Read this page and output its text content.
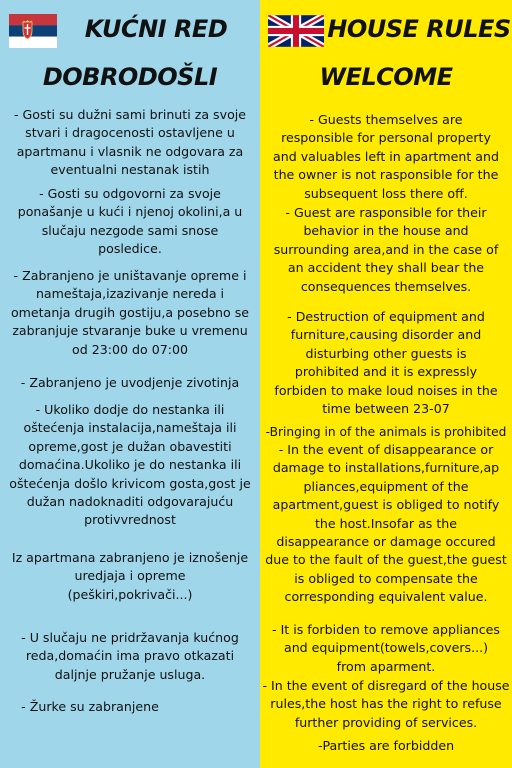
KUĆNI RED
DOBRODOŠLI
- Gosti su dužni sami brinuti za svoje
stvari i dragocenosti ostavljene u
apartmanu i vlasnik ne odgovara za
eventualni nestanak istih
- Gosti su odgovorni za svoje
ponašanje u kući i njenoj okolini,a u
slučaju nezgode sami snose
posledice.
- Zabranjeno je uništavanje opreme i
nameštaja,izazivanje nereda i
ometanja drugih gostiju,a posebno se
zabranjuje stvaranje buke u vremenu
od 23:00 do 07:00
- Zabranjeno je uvodjenje zivotinja
- Ukoliko dodje do nestanka ili
oštećenja instalacija,nameštaja ili
opreme,gost je dužan obavestiti
domaćina.Ukoliko je do nestanka ili
oštećenja došlo krivicom gosta,gost je
dužan nadoknaditi odgovarajuću
protivvrednost
Iz apartmana zabranjeno je iznošenje
uredjaja i opreme
(peškiri,pokrivači...)
- U slučaju ne pridržavanja kućnog
reda,domaćin ima pravo otkazati
daljnje pružanje usluga.
- Žurke su zabranjene
HOUSE RULES
WELCOME
- Guests themselves are
responsible for personal property
and valuables left in apartment and
the owner is not rasponsible for the
subsequent loss there off.
- Guest are rasponsible for their
behavior in the house and
surrounding area,and in the case of
an accident they shall bear the
consequences themselves.
- Destruction of equipment and
furniture,causing disorder and
disturbing other guests is
prohibited and it is expressly
forbiden to make loud noises in the
time between 23-07
-Bringing in of the animals is prohibited
- In the event of disappearance or
damage to installations,furniture,ap
pliances,equipment of the
apartment,guest is obliged to notify
the host.Insofar as the
disappearance or damage occured
due to the fault of the guest,the guest
is obliged to compensate the
corresponding equivalent value.
- It is forbiden to remove appliances
and equipment(towels,covers...)
from aparment.
- In the event of disregard of the house
rules,the host has the right to refuse
further providing of services.
-Parties are forbidden
